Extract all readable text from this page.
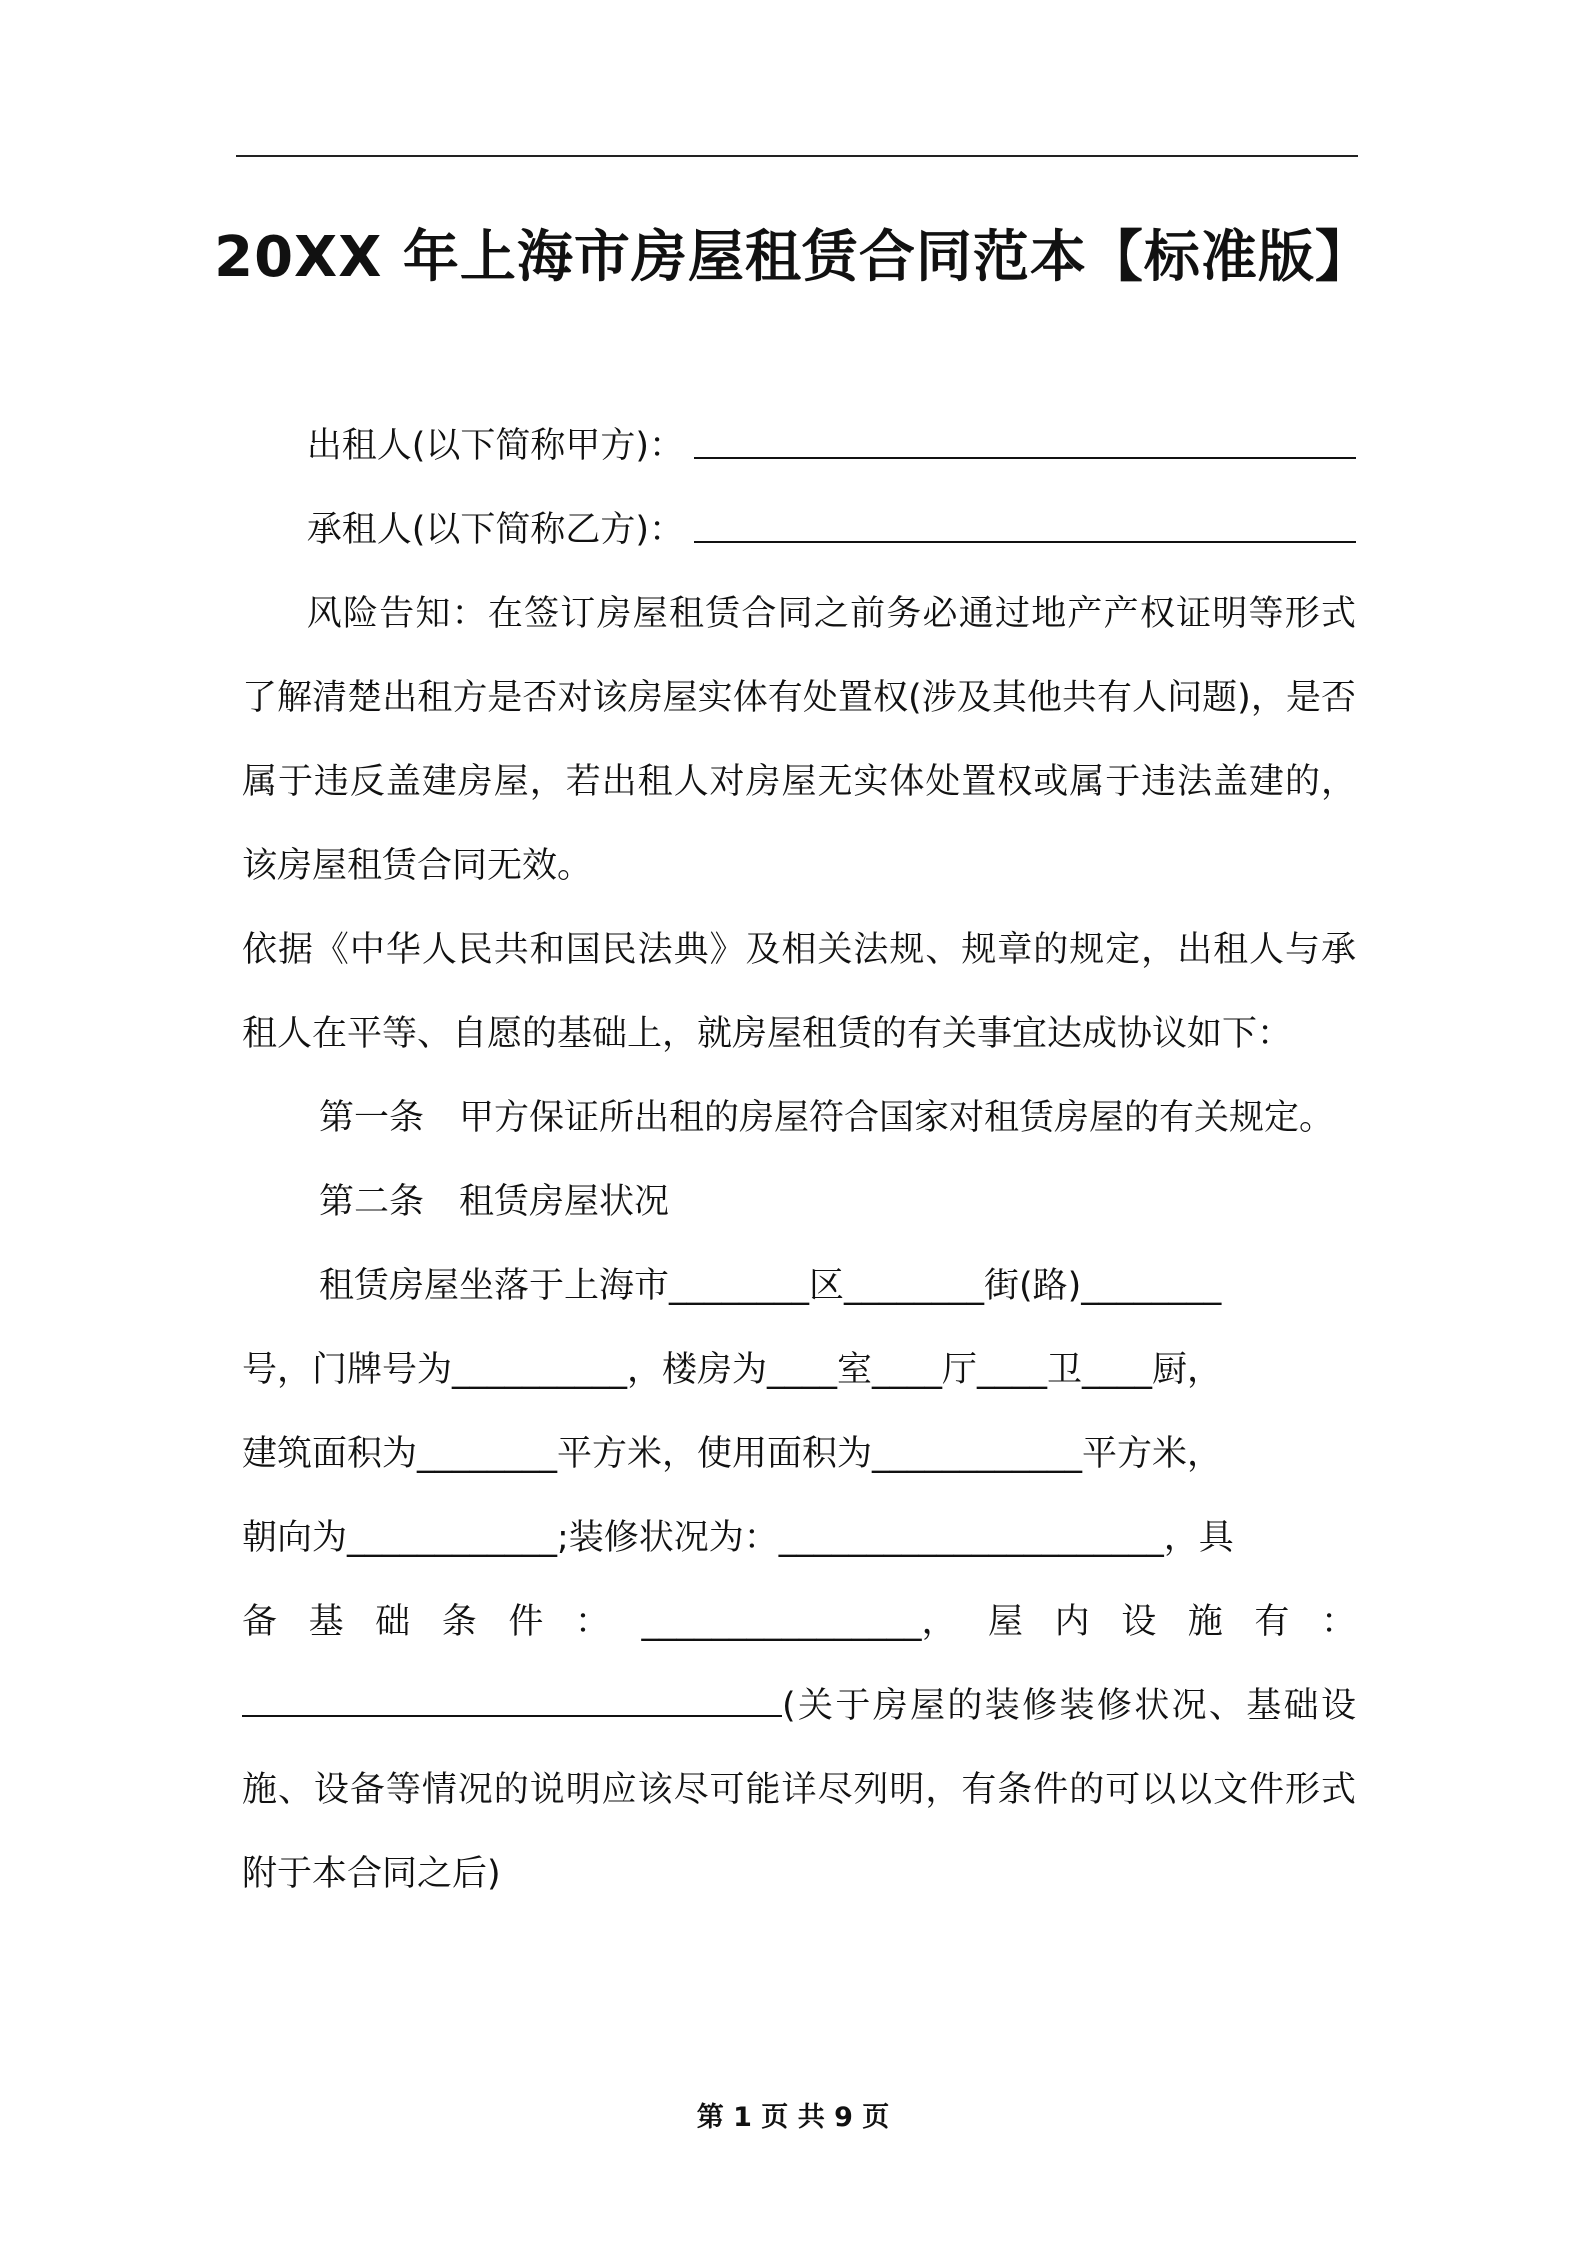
20XX 年上海市房屋租赁合同范本【标准版】
出租人(以下简称甲方)：
承租人(以下简称乙方)：

风险告知：在签订房屋租赁合同之前务必通过地产产权证明等形式了解清楚出租方是否对该房屋实体有处置权(涉及其他共有人问题)，是否属于违反盖建房屋，若出租人对房屋无实体处置权或属于违法盖建的，该房屋租赁合同无效。

依据《中华人民共和国民法典》及相关法规、规章的规定，出租人与承租人在平等、自愿的基础上，就房屋租赁的有关事宜达成协议如下：

第一条　甲方保证所出租的房屋符合国家对租赁房屋的有关规定。

第二条　租赁房屋状况

租赁房屋坐落于上海市________区________街(路)________

号，门牌号为__________，楼房为____室____厅____卫____厨，

建筑面积为________平方米，使用面积为____________平方米，

朝向为____________;装修状况为：______________________，具

备 基 础 条 件 ： ________________， 屋 内 设 施 有 ：

(关于房屋的装修装修状况、基础设施、设备等情况的说明应该尽可能详尽列明，有条件的可以以文件形式附于本合同之后)

第 1 页 共 9 页
